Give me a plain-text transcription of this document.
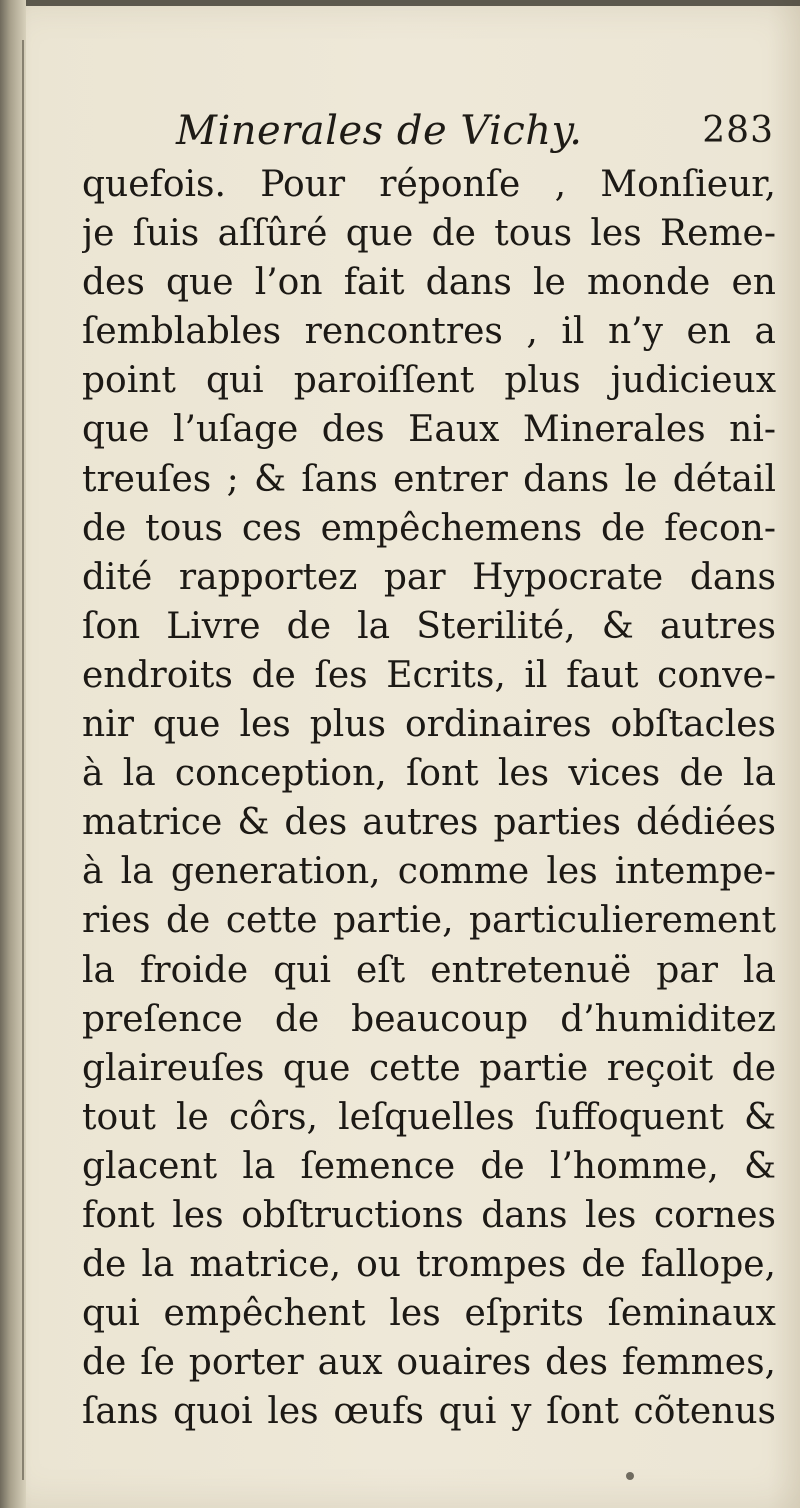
Minerales de Vichy.	283
quefois. Pour réponſe , Monſieur,
je ſuis aſſûré que de tous les Reme-
des que l’on fait dans le monde en
ſemblables rencontres , il n’y en a
point qui paroiſſent plus judicieux
que l’uſage des Eaux Minerales ni-
treuſes ; & ſans entrer dans le détail
de tous ces empêchemens de fecon-
dité rapportez par Hypocrate dans
ſon Livre de la Sterilité, & autres
endroits de ſes Ecrits, il faut conve-
nir que les plus ordinaires obſtacles
à la conception, ſont les vices de la
matrice & des autres parties dédiées
à la generation, comme les intempe-
ries de cette partie, particulierement
la froide qui eſt entretenuë par la
preſence de beaucoup d’humiditez
glaireuſes que cette partie reçoit de
tout le côrs, leſquelles ſuffoquent &
glacent la ſemence de l’homme, &
font les obſtructions dans les cornes
de la matrice, ou trompes de fallope,
qui empêchent les eſprits ſeminaux
de ſe porter aux ouaires des femmes,
ſans quoi les œufs qui y ſont cõtenus
